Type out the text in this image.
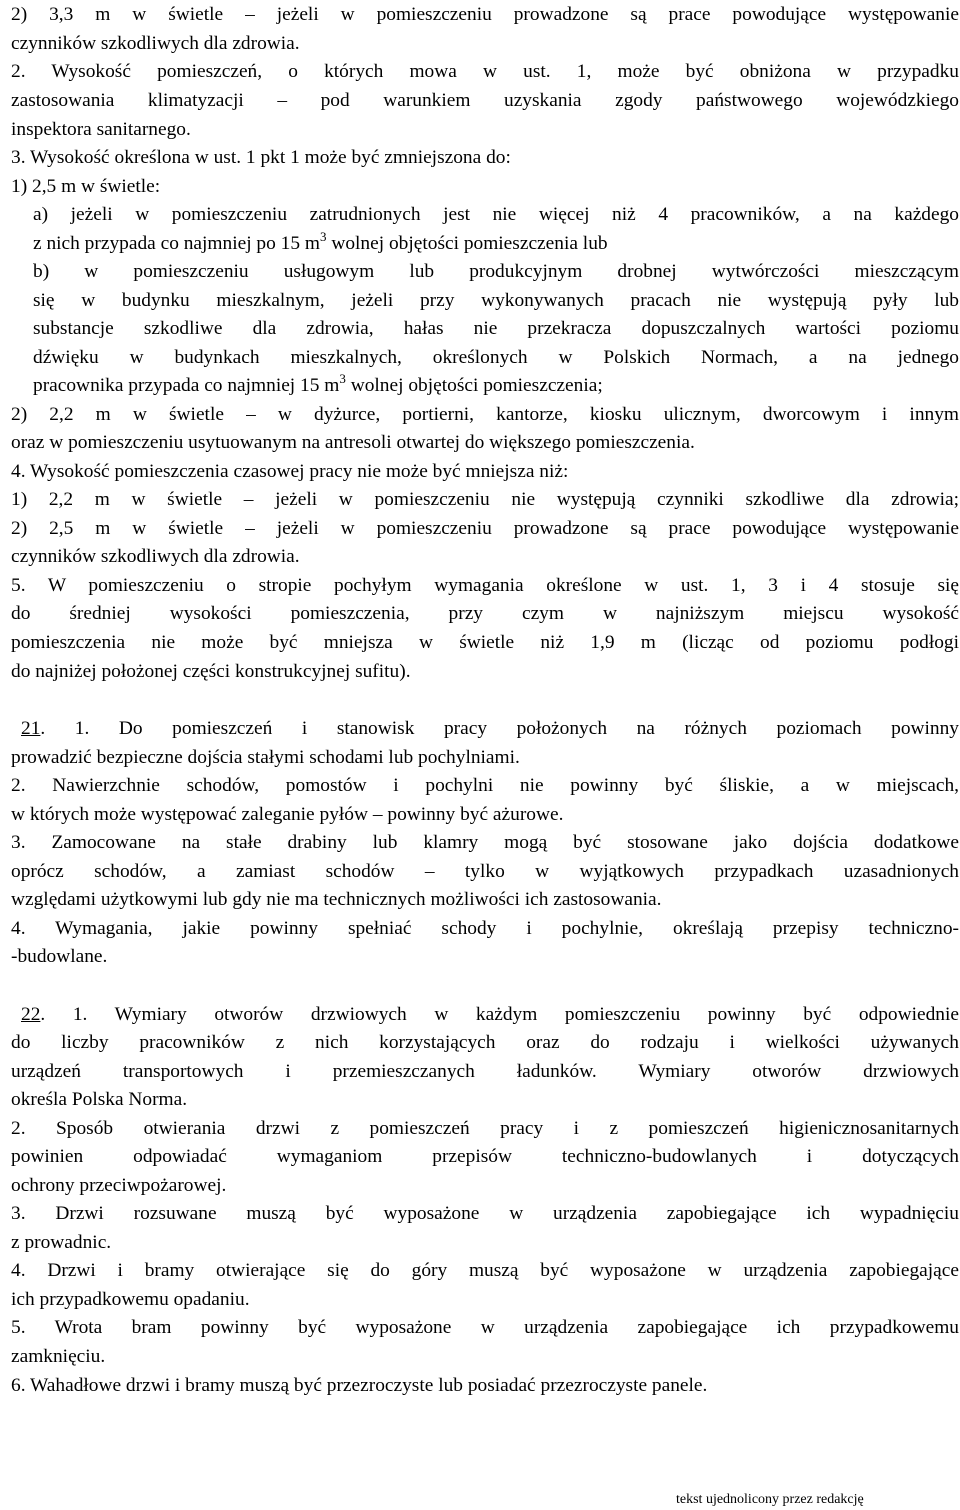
2) 3,3 m w świetle – jeżeli w pomieszczeniu prowadzone są prace powodujące występowanie
czynników szkodliwych dla zdrowia.
2. Wysokość pomieszczeń, o których mowa w ust. 1, może być obniżona w przypadku
zastosowania klimatyzacji – pod warunkiem uzyskania zgody państwowego wojewódzkiego
inspektora sanitarnego.
3. Wysokość określona w ust. 1 pkt 1 może być zmniejszona do:
1) 2,5 m w świetle:
a) jeżeli w pomieszczeniu zatrudnionych jest nie więcej niż 4 pracowników, a na każdego
z nich przypada co najmniej po 15 $m^3$ wolnej objętości pomieszczenia lub
b) w pomieszczeniu usługowym lub produkcyjnym drobnej wytwórczości mieszczącym
się w budynku mieszkalnym, jeżeli przy wykonywanych pracach nie występują pyły lub
substancje szkodliwe dla zdrowia, hałas nie przekracza dopuszczalnych wartości poziomu
dźwięku w budynkach mieszkalnych, określonych w Polskich Normach, a na jednego
pracownika przypada co najmniej 15 $m^3$ wolnej objętości pomieszczenia;
2) 2,2 m w świetle – w dyżurce, portierni, kantorze, kiosku ulicznym, dworcowym i innym
oraz w pomieszczeniu usytuowanym na antresoli otwartej do większego pomieszczenia.
4. Wysokość pomieszczenia czasowej pracy nie może być mniejsza niż:
1) 2,2 m w świetle – jeżeli w pomieszczeniu nie występują czynniki szkodliwe dla zdrowia;
2) 2,5 m w świetle – jeżeli w pomieszczeniu prowadzone są prace powodujące występowanie
czynników szkodliwych dla zdrowia.
5. W pomieszczeniu o stropie pochyłym wymagania określone w ust. 1, 3 i 4 stosuje się
do średniej wysokości pomieszczenia, przy czym w najniższym miejscu wysokość
pomieszczenia nie może być mniejsza w świetle niż 1,9 m (licząc od poziomu podłogi
do najniżej położonej części konstrukcyjnej sufitu).
21. 1. Do pomieszczeń i stanowisk pracy położonych na różnych poziomach powinny
prowadzić bezpieczne dojścia stałymi schodami lub pochylniami.
2. Nawierzchnie schodów, pomostów i pochylni nie powinny być śliskie, a w miejscach,
w których może występować zaleganie pyłów – powinny być ażurowe.
3. Zamocowane na stałe drabiny lub klamry mogą być stosowane jako dojścia dodatkowe
oprócz schodów, a zamiast schodów – tylko w wyjątkowych przypadkach uzasadnionych
względami użytkowymi lub gdy nie ma technicznych możliwości ich zastosowania.
4. Wymagania, jakie powinny spełniać schody i pochylnie, określają przepisy techniczno-
-budowlane.
22. 1. Wymiary otworów drzwiowych w każdym pomieszczeniu powinny być odpowiednie
do liczby pracowników z nich korzystających oraz do rodzaju i wielkości używanych
urządzeń transportowych i przemieszczanych ładunków. Wymiary otworów drzwiowych
określa Polska Norma.
2. Sposób otwierania drzwi z pomieszczeń pracy i z pomieszczeń higienicznosanitarnych
powinien odpowiadać wymaganiom przepisów techniczno-budowlanych i dotyczących
ochrony przeciwpożarowej.
3. Drzwi rozsuwane muszą być wyposażone w urządzenia zapobiegające ich wypadnięciu
z prowadnic.
4. Drzwi i bramy otwierające się do góry muszą być wyposażone w urządzenia zapobiegające
ich przypadkowemu opadaniu.
5. Wrota bram powinny być wyposażone w urządzenia zapobiegające ich przypadkowemu
zamknięciu.
6. Wahadłowe drzwi i bramy muszą być przezroczyste lub posiadać przezroczyste panele.
tekst ujednolicony przez redakcję
